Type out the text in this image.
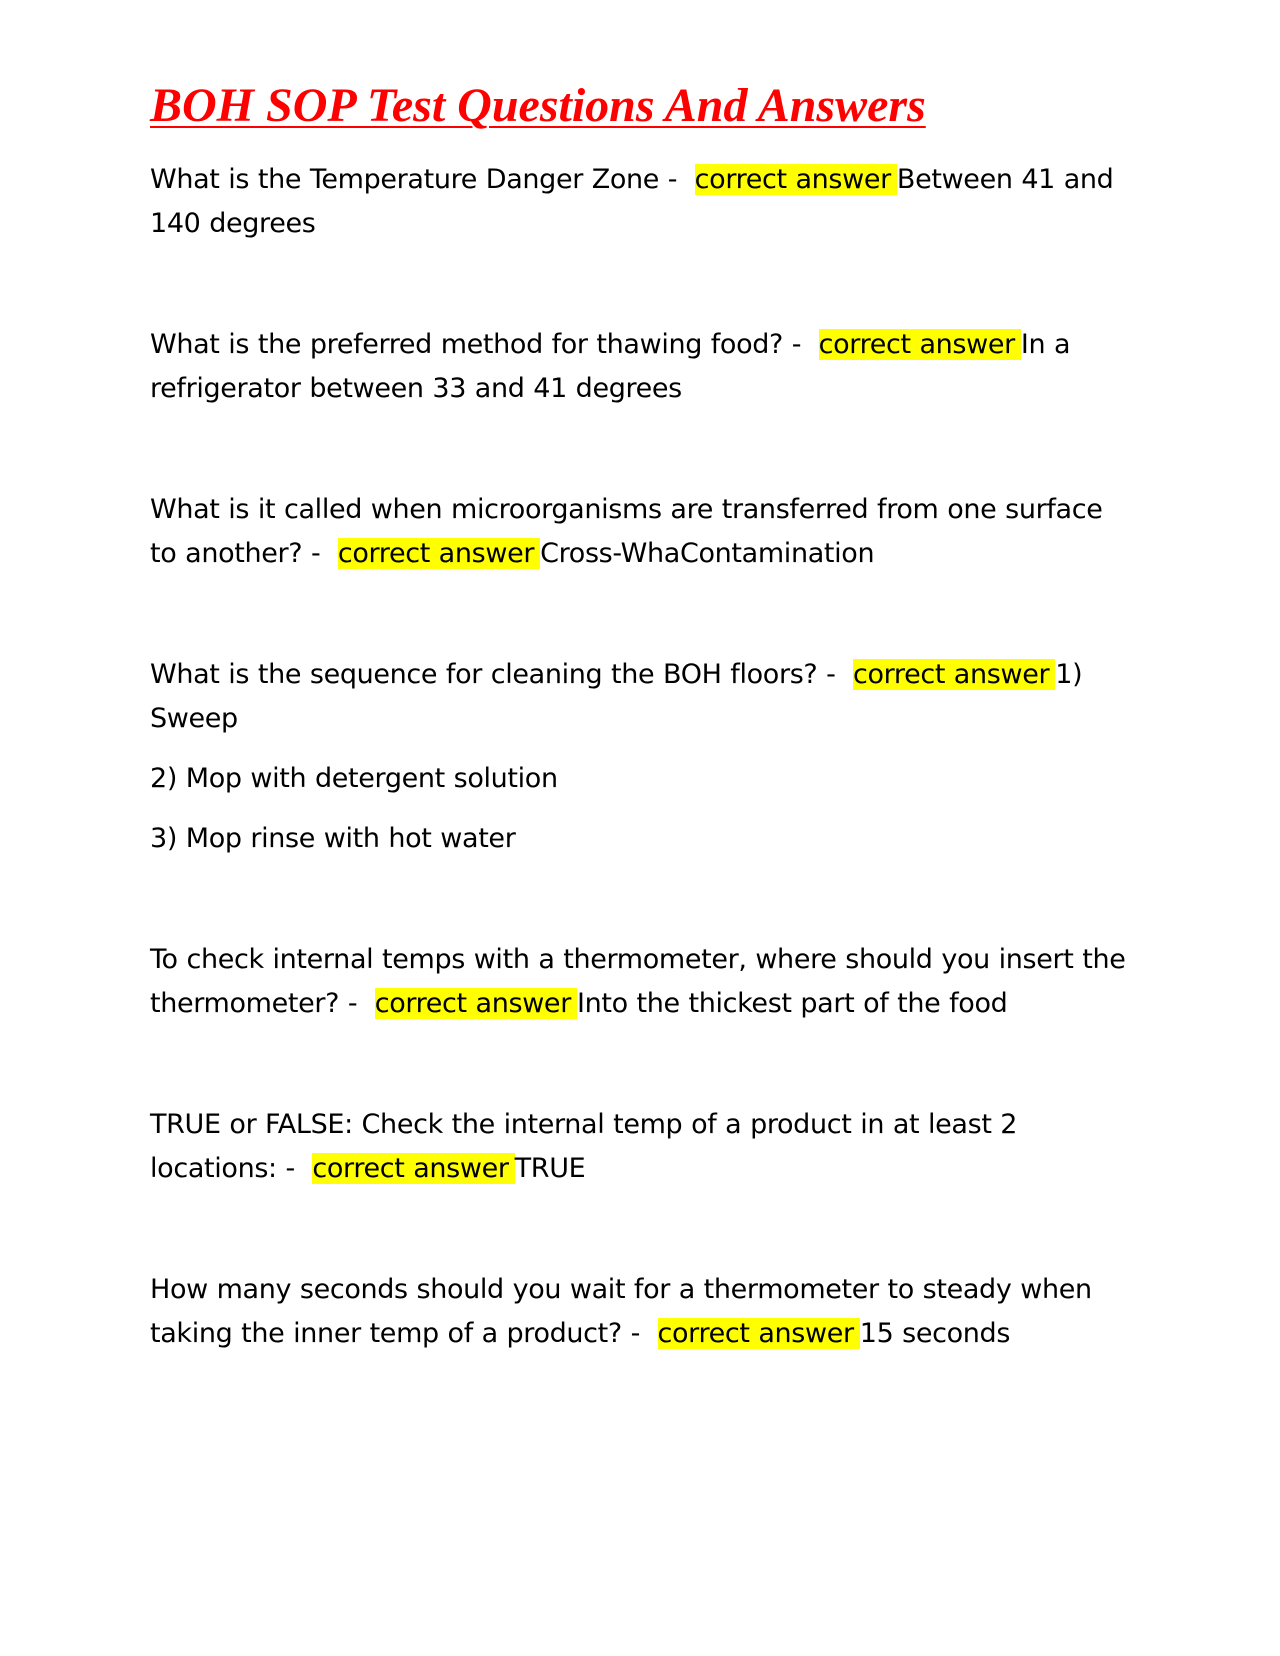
BOH SOP Test Questions And Answers

What is the Temperature Danger Zone - correct answer Between 41 and 140 degrees

What is the preferred method for thawing food? - correct answer In a refrigerator between 33 and 41 degrees

What is it called when microorganisms are transferred from one surface to another? - correct answer Cross-WhaContamination

What is the sequence for cleaning the BOH floors? - correct answer 1) Sweep

2) Mop with detergent solution

3) Mop rinse with hot water

To check internal temps with a thermometer, where should you insert the thermometer? - correct answer Into the thickest part of the food

TRUE or FALSE: Check the internal temp of a product in at least 2 locations: - correct answer TRUE

How many seconds should you wait for a thermometer to steady when taking the inner temp of a product? - correct answer 15 seconds
